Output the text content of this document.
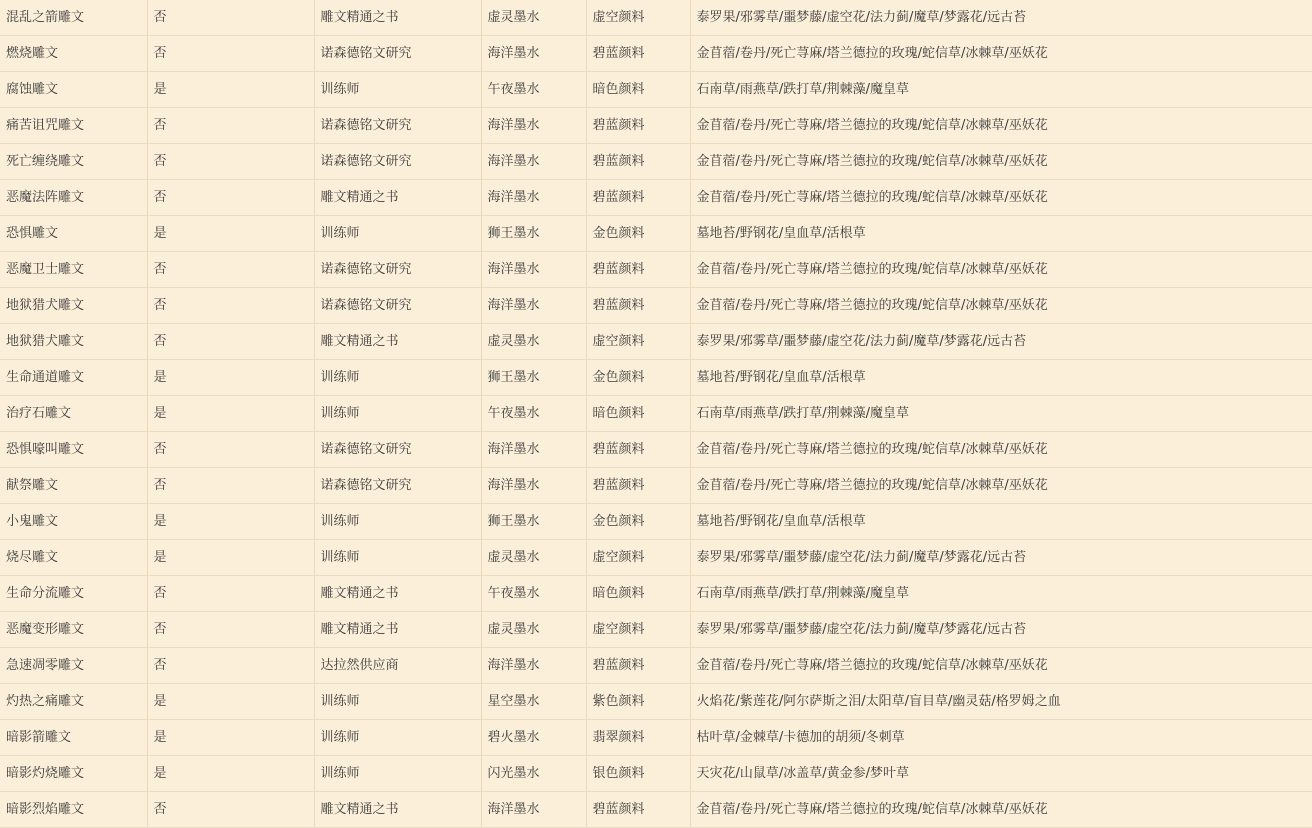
混乱之箭雕文	否	雕文精通之书	虚灵墨水	虚空颜料	泰罗果/邪雾草/噩梦藤/虚空花/法力蓟/魔草/梦露花/远古苔
燃烧雕文	否	诺森德铭文研究	海洋墨水	碧蓝颜料	金苜蓿/卷丹/死亡荨麻/塔兰德拉的玫瑰/蛇信草/冰棘草/巫妖花
腐蚀雕文	是	训练师	午夜墨水	暗色颜料	石南草/雨燕草/跌打草/荆棘藻/魔皇草
痛苦诅咒雕文	否	诺森德铭文研究	海洋墨水	碧蓝颜料	金苜蓿/卷丹/死亡荨麻/塔兰德拉的玫瑰/蛇信草/冰棘草/巫妖花
死亡缠绕雕文	否	诺森德铭文研究	海洋墨水	碧蓝颜料	金苜蓿/卷丹/死亡荨麻/塔兰德拉的玫瑰/蛇信草/冰棘草/巫妖花
恶魔法阵雕文	否	雕文精通之书	海洋墨水	碧蓝颜料	金苜蓿/卷丹/死亡荨麻/塔兰德拉的玫瑰/蛇信草/冰棘草/巫妖花
恐惧雕文	是	训练师	狮王墨水	金色颜料	墓地苔/野钢花/皇血草/活根草
恶魔卫士雕文	否	诺森德铭文研究	海洋墨水	碧蓝颜料	金苜蓿/卷丹/死亡荨麻/塔兰德拉的玫瑰/蛇信草/冰棘草/巫妖花
地狱猎犬雕文	否	诺森德铭文研究	海洋墨水	碧蓝颜料	金苜蓿/卷丹/死亡荨麻/塔兰德拉的玫瑰/蛇信草/冰棘草/巫妖花
地狱猎犬雕文	否	雕文精通之书	虚灵墨水	虚空颜料	泰罗果/邪雾草/噩梦藤/虚空花/法力蓟/魔草/梦露花/远古苔
生命通道雕文	是	训练师	狮王墨水	金色颜料	墓地苔/野钢花/皇血草/活根草
治疗石雕文	是	训练师	午夜墨水	暗色颜料	石南草/雨燕草/跌打草/荆棘藻/魔皇草
恐惧嚎叫雕文	否	诺森德铭文研究	海洋墨水	碧蓝颜料	金苜蓿/卷丹/死亡荨麻/塔兰德拉的玫瑰/蛇信草/冰棘草/巫妖花
献祭雕文	否	诺森德铭文研究	海洋墨水	碧蓝颜料	金苜蓿/卷丹/死亡荨麻/塔兰德拉的玫瑰/蛇信草/冰棘草/巫妖花
小鬼雕文	是	训练师	狮王墨水	金色颜料	墓地苔/野钢花/皇血草/活根草
烧尽雕文	是	训练师	虚灵墨水	虚空颜料	泰罗果/邪雾草/噩梦藤/虚空花/法力蓟/魔草/梦露花/远古苔
生命分流雕文	否	雕文精通之书	午夜墨水	暗色颜料	石南草/雨燕草/跌打草/荆棘藻/魔皇草
恶魔变形雕文	否	雕文精通之书	虚灵墨水	虚空颜料	泰罗果/邪雾草/噩梦藤/虚空花/法力蓟/魔草/梦露花/远古苔
急速凋零雕文	否	达拉然供应商	海洋墨水	碧蓝颜料	金苜蓿/卷丹/死亡荨麻/塔兰德拉的玫瑰/蛇信草/冰棘草/巫妖花
灼热之痛雕文	是	训练师	星空墨水	紫色颜料	火焰花/紫莲花/阿尔萨斯之泪/太阳草/盲目草/幽灵菇/格罗姆之血
暗影箭雕文	是	训练师	碧火墨水	翡翠颜料	枯叶草/金棘草/卡德加的胡须/冬刺草
暗影灼烧雕文	是	训练师	闪光墨水	银色颜料	天灾花/山鼠草/冰盖草/黄金参/梦叶草
暗影烈焰雕文	否	雕文精通之书	海洋墨水	碧蓝颜料	金苜蓿/卷丹/死亡荨麻/塔兰德拉的玫瑰/蛇信草/冰棘草/巫妖花
